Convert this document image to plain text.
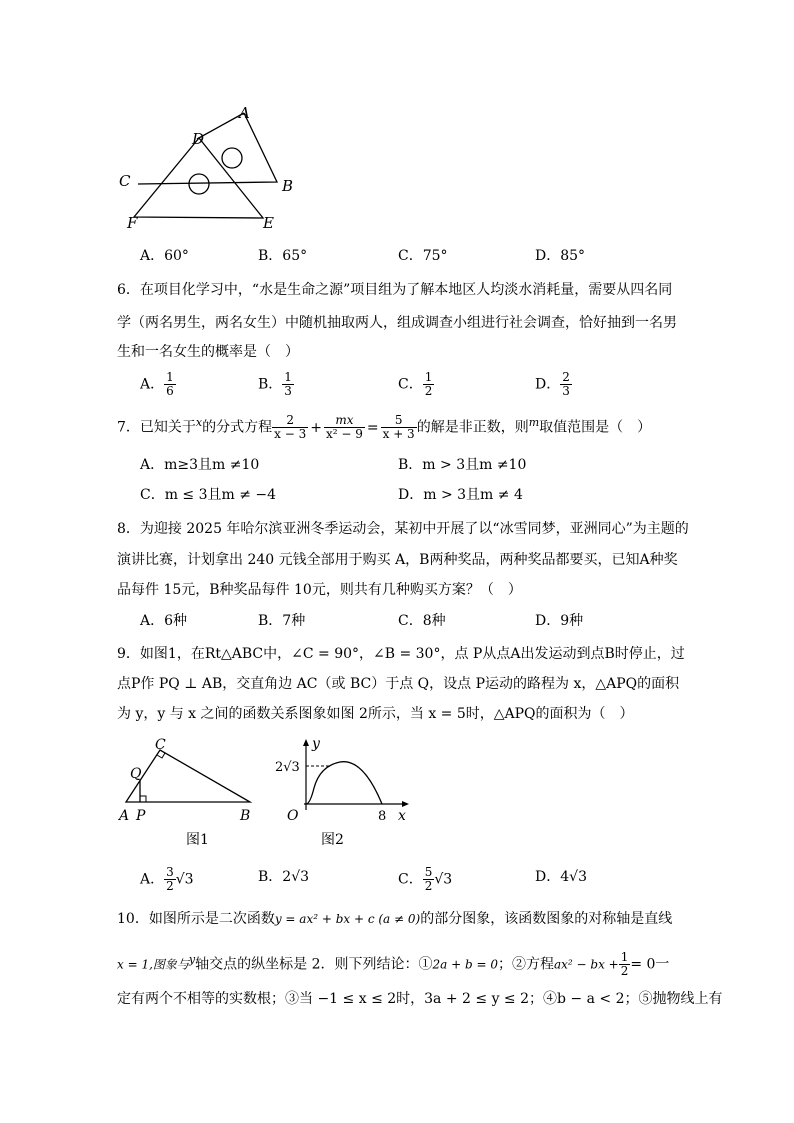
A
B
C
D
E
F
A．60°	B．65°	C．75°	D．85°
6．在项目化学习中，“水是生命之源”项目组为了解本地区人均淡水消耗量，需要从四名同
学（两名男生，两名女生）中随机抽取两人，组成调查小组进行社会调查，恰好抽到一名男
生和一名女生的概率是（　）
A． $\frac{1}{6}$	B． $\frac{1}{3}$	C． $\frac{1}{2}$	D． $\frac{2}{3}$
7．已知关于$^x$的分式方程 $\frac{2}{x - 3} + \frac{mx}{\text{x² − 9}} = \frac{5}{x + 3}$ 的解是非正数，则$^m$取值范围是（　）
A．m≥3且m ≠10	B．m > 3且m ≠10
C．m ≤ 3且m ≠ −4	D．m > 3且m ≠ 4
8．为迎接 2025 年哈尔滨亚洲冬季运动会，某初中开展了以“冰雪同梦，亚洲同心”为主题的
演讲比赛，计划拿出 240 元钱全部用于购买 A，B两种奖品，两种奖品都要买，已知A种奖
品每件 15元，B种奖品每件 10元，则共有几种购买方案？（　）
A．6种	B．7种	C．8种	D．9种
9．如图1，在Rt△ABC中，∠C = 90°，∠B = 30°，点 P从点A出发运动到点B时停止，过
点P作 PQ ⊥ AB，交直角边 AC（或 BC）于点 Q，设点 P运动的路程为 x，△APQ的面积
为 y，y 与 x 之间的函数关系图象如图 2所示，当 x = 5时，△APQ的面积为（　）
C
Q
A P	B
图1
y
x
O	8
2√3
图2
A． $\frac{3}{2} √3$	B．2√3	C． $\frac{5}{2} √3$	D．4√3
10．如图所示是二次函数y = ax² + bx + c (a ≠ 0)的部分图象，该函数图象的对称轴是直线
x = 1,图象与$^y$轴交点的纵坐标是 2．则下列结论：①2a + b = 0；②方程ax² − bx + $\frac{1}{2} = 0$一
定有两个不相等的实数根；③当 −1 ≤ x ≤ 2时，3a + 2 ≤ y ≤ 2；④b − a < 2；⑤抛物线上有
